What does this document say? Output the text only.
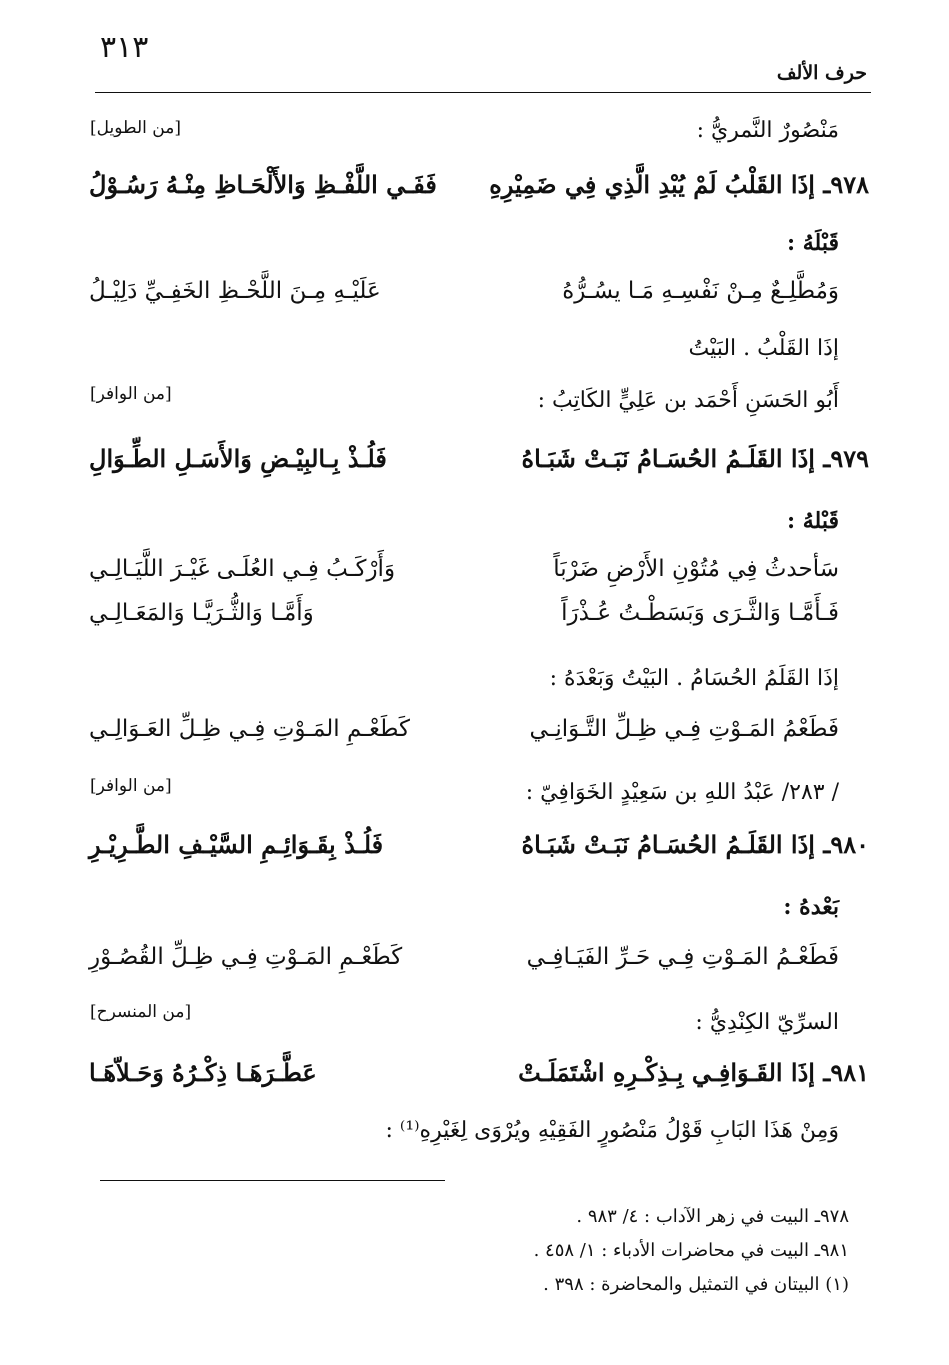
٣١٣
حرف الألف
مَنْصُورٌ النَّمريُّ :
[من الطويل]
٩٧٨ـ إذَا القَلْبُ لَمْ يُبْدِ الَّذِي فِي ضَمِيْرِهِ
فَفَـي اللَّفْـظِ وَالأَلْحَـاظِ مِنْـهُ رَسُـوْلُ
قَبْلَهُ :
وَمُطَّلِـعٌ مِـنْ نَفْسِـهِ مَـا يسُـرُّهُ
عَلَيْـهِ مِـنَ اللَّحْـظِ الخَفِـيِّ دَلِيْـلُ
إذَا القَلْبُ . البَيْتُ
أَبُو الحَسَنِ أَحْمَد بن عَلِيٍّ الكَاتِبُ :
[من الوافر]
٩٧٩ـ إذَا القَلَـمُ الحُسَـامُ نَبَـتْ شَبَـاهُ
فَلُـذْ بِـالبِيْـضِ وَالأَسَـلِ الطِّـوَالِ
قَبْلهُ :
سَأحدثُ فِي مُتُوْنِ الأَرْضِ ضَرْبَاً
وَأَرْكَـبُ فِـي العُلَـى غَيْـرَ اللَّيَـالِـي
فَـأَمَّـا وَالثَّـرَى وَبَسَطْـتُ عُـذْرَاً
وَأَمَّـا وَالثُّـرَيَّـا وَالمَعَـالِـي
إذَا القَلَمُ الحُسَامُ . البَيْتُ وَبَعْدَهُ :
فَطَعْمُ المَـوْتِ فِـي ظِـلِّ التَّـوَانِـي
كَطَعْـمِ المَـوْتِ فِـي ظِـلِّ العَـوَالِـي
/ ٢٨٣/ عَبْدُ اللهِ بن سَعِيْدٍ الخَوَافِيّ :
[من الوافر]
٩٨٠ـ إذَا القَلَـمُ الحُسَـامُ نَبَـتْ شَبَـاهُ
فَلُـذْ بِقَـوَائِـمِ السَّيْـفِ الطَّـرِيْـرِ
بَعْدهُ :
فَطَعْـمُ المَـوْتِ فِـي حَـرِّ الفَيَـافِـي
كَطَعْـمِ المَـوْتِ فِـي ظِـلِّ القُصُـوْرِ
السرِّيّ الكِنْدِيُّ :
[من المنسرح]
٩٨١ـ إذَا القَـوَافِـي بِـذِكْـرِهِ اشْتَمَلَـتْ
عَطَّـرَهَـا ذِكْـرُهُ وَحَـلاّهَـا
وَمِنْ هَذَا البَابِ قَوْلُ مَنْصُورٍ الفَقِيْهِ ويُرْوَى لِغَيْرِهِ⁽¹⁾ :
٩٧٨ـ البيت في زهر الآداب : ٤/ ٩٨٣ .
٩٨١ـ البيت في محاضرات الأدباء : ١/ ٤٥٨ .
(١) البيتان في التمثيل والمحاضرة : ٣٩٨ .
